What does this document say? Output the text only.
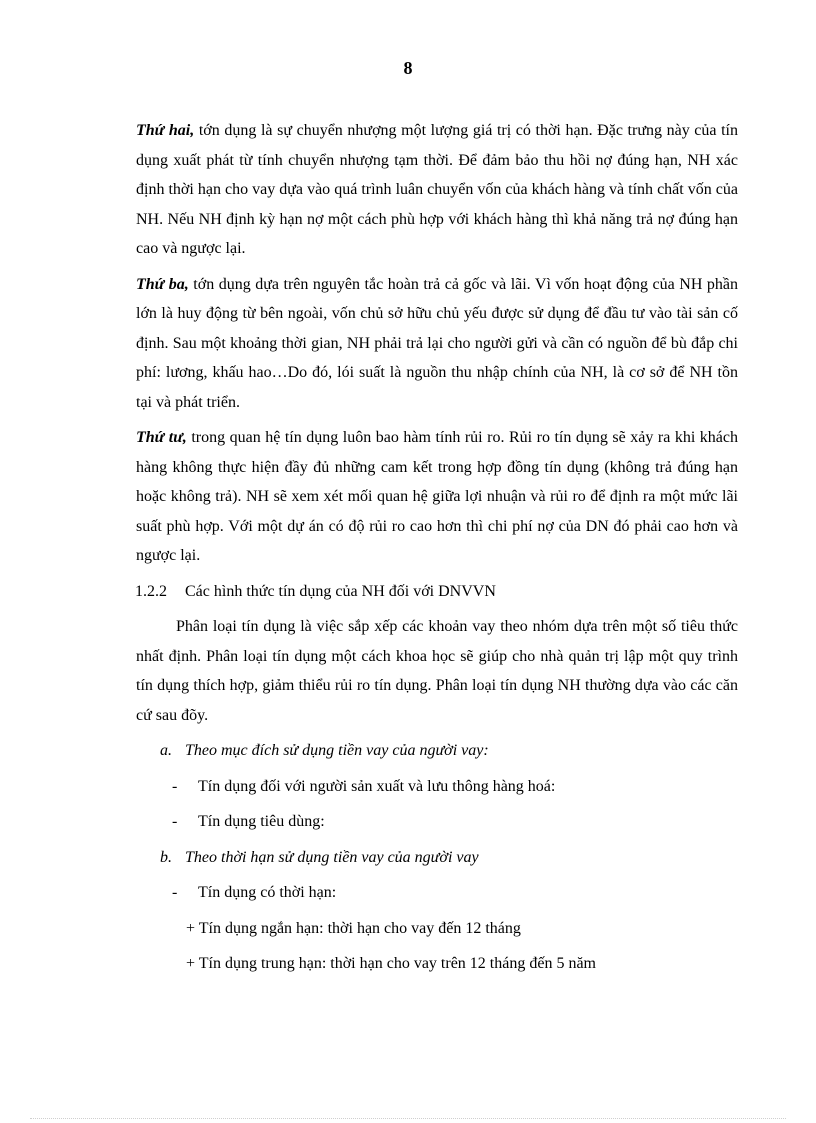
8

Thứ hai, tớn dụng là sự chuyển nhượng một lượng giá trị có thời hạn. Đặc trưng này của tín dụng xuất phát từ tính chuyển nhượng tạm thời. Để đảm bảo thu hồi nợ đúng hạn, NH xác định thời hạn cho vay dựa vào quá trình luân chuyển vốn của khách hàng và tính chất vốn của NH. Nếu NH định kỳ hạn nợ một cách phù hợp với khách hàng thì khả năng trả nợ đúng hạn cao và ngược lại.

Thứ ba, tớn dụng dựa trên nguyên tắc hoàn trả cả gốc và lãi. Vì vốn hoạt động của NH phần lớn là huy động từ bên ngoài, vốn chủ sở hữu chủ yếu được sử dụng để đầu tư vào tài sản cố định. Sau một khoảng thời gian, NH phải trả lại cho người gửi và cần có nguồn để bù đắp chi phí: lương, khấu hao…Do đó, lói suất là nguồn thu nhập chính của NH, là cơ sở để NH tồn tại và phát triển.

Thứ tư, trong quan hệ tín dụng luôn bao hàm tính rủi ro. Rủi ro tín dụng sẽ xảy ra khi khách hàng không thực hiện đầy đủ những cam kết trong hợp đồng tín dụng (không trả đúng hạn hoặc không trả). NH sẽ xem xét mối quan hệ giữa lợi nhuận và rủi ro để định ra một mức lãi suất phù hợp. Với một dự án có độ rủi ro cao hơn thì chi phí nợ của DN đó phải cao hơn và ngược lại.

1.2.2 Các hình thức tín dụng của NH đối với DNVVN

Phân loại tín dụng là việc sắp xếp các khoản vay theo nhóm dựa trên một số tiêu thức nhất định. Phân loại tín dụng một cách khoa học sẽ giúp cho nhà quản trị lập một quy trình tín dụng thích hợp, giảm thiểu rủi ro tín dụng. Phân loại tín dụng NH thường dựa vào các căn cứ sau đõy.

a. Theo mục đích sử dụng tiền vay của người vay:
- Tín dụng đối với người sản xuất và lưu thông hàng hoá:
- Tín dụng tiêu dùng:
b. Theo thời hạn sử dụng tiền vay của người vay
- Tín dụng có thời hạn:
+ Tín dụng ngắn hạn: thời hạn cho vay đến 12 tháng
+ Tín dụng trung hạn: thời hạn cho vay trên 12 tháng đến 5 năm
